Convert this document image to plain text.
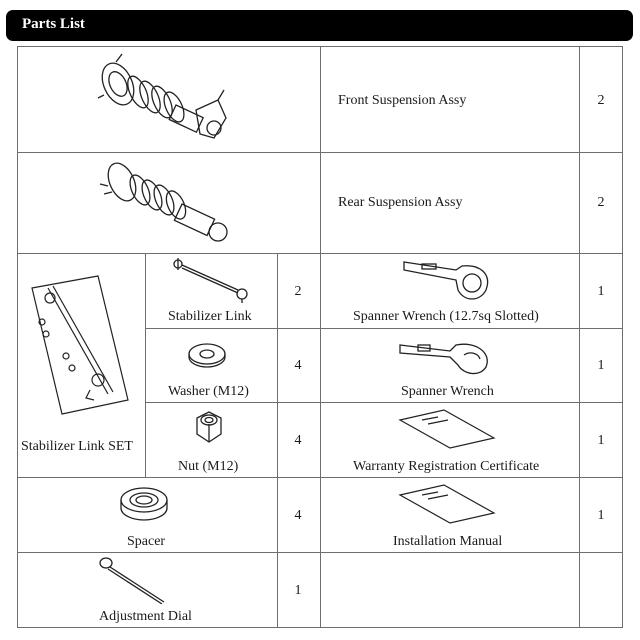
Parts List
Front Suspension Assy	2
Rear Suspension Assy	2
Stabilizer Link SET
Stabilizer Link
2
Washer (M12)
4
Nut (M12)
4
Spacer
4
Adjustment Dial
1
Spanner Wrench (12.7sq Slotted)
1
Spanner Wrench
1
Warranty Registration Certificate
1
Installation Manual
1
